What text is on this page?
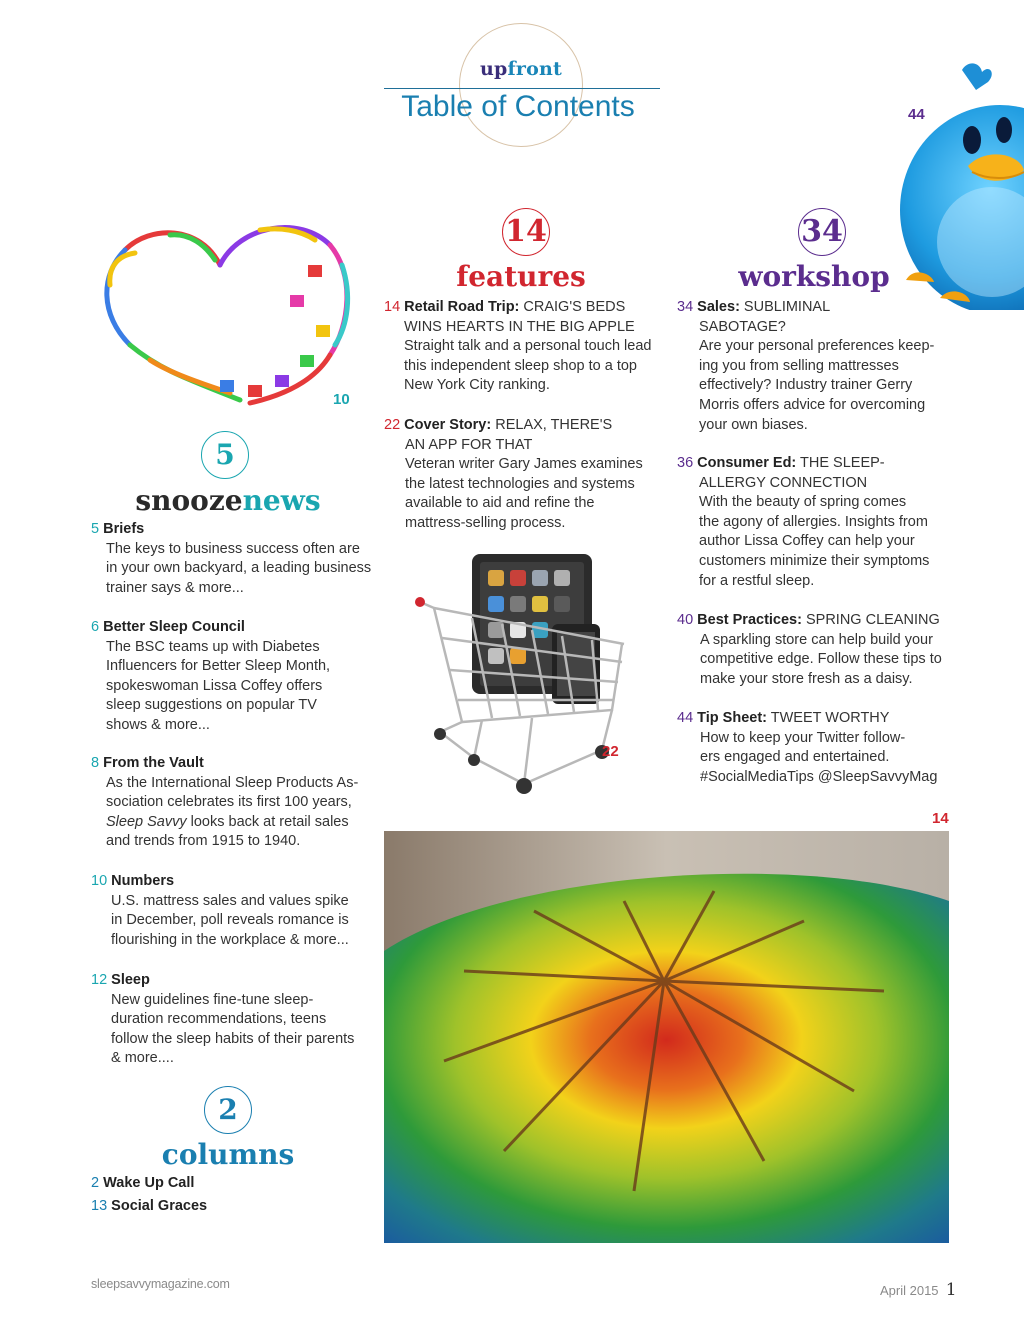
upfront
Table of Contents	44
10
5
snoozenews
5 Briefs
The keys to business success often are
in your own backyard, a leading business
trainer says & more...
6 Better Sleep Council
The BSC teams up with Diabetes
Influencers for Better Sleep Month,
spokeswoman Lissa Coffey offers
sleep suggestions on popular TV
shows & more...
8 From the Vault
As the International Sleep Products As-
sociation celebrates its first 100 years,
Sleep Savvy looks back at retail sales
and trends from 1915 to 1940.
10 Numbers
U.S. mattress sales and values spike
in December, poll reveals romance is
flourishing in the workplace & more...
12 Sleep
New guidelines fine-tune sleep-
duration recommendations, teens
follow the sleep habits of their parents
& more....
2
columns
2 Wake Up Call
13 Social Graces
14
features
14 Retail Road Trip: CRAIG'S BEDS
WINS HEARTS IN THE BIG APPLE
Straight talk and a personal touch lead
this independent sleep shop to a top
New York City ranking.
22 Cover Story: RELAX, THERE'S
AN APP FOR THAT
Veteran writer Gary James examines
the latest technologies and systems
available to aid and refine the
mattress-selling process.
22
34
workshop
34 Sales: SUBLIMINAL
SABOTAGE?
Are your personal preferences keep-
ing you from selling mattresses
effectively? Industry trainer Gerry
Morris offers advice for overcoming
your own biases.
36 Consumer Ed: THE SLEEP-
ALLERGY CONNECTION
With the beauty of spring comes
the agony of allergies. Insights from
author Lissa Coffey can help your
customers minimize their symptoms
for a restful sleep.
40 Best Practices: SPRING CLEANING
A sparkling store can help build your
competitive edge. Follow these tips to
make your store fresh as a daisy.
44 Tip Sheet: TWEET WORTHY
How to keep your Twitter follow-
ers engaged and entertained.
#SocialMediaTips @SleepSavvyMag
14
sleepsavvymagazine.com	April 2015 1
